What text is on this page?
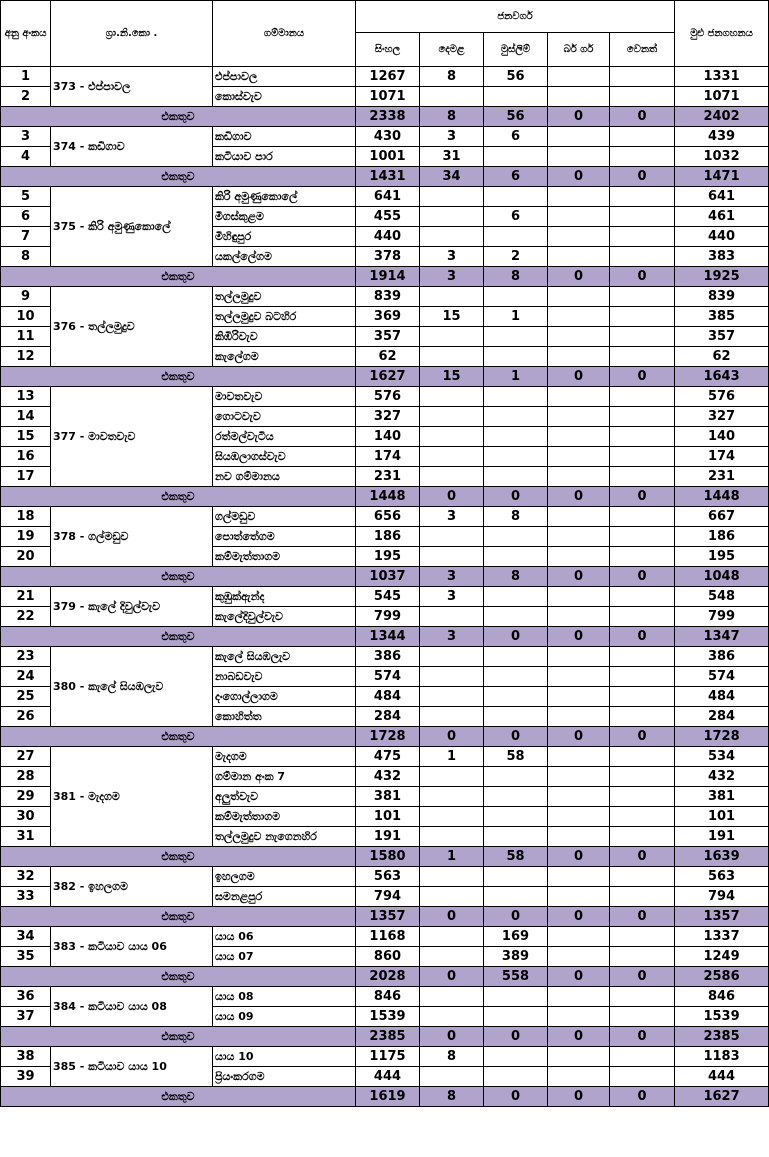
අනු අංකය	ග්‍රා.නි.කො .	ගම්මානය	ජනවර්ග					මුළු ජනගහනය
			සිංහල	දෙමළ	මුස්ලිම්	බර් ගර්	වෙනත්	
1	373 - එප්පාවල	එප්පාවල	1267	8	56			1331
2		කොස්වැව	1071					1071
එකතුව			2338	8	56	0	0	2402
3	374 - කඩිගාව	කඩිගාව	430	3	6			439
4		කටියාව පාර	1001	31				1032
එකතුව			1431	34	6	0	0	1471
5	375 - කිරි අමුණුකොලේ	කිරි අමුණුකොලේ	641					641
6		මීගස්කුළම	455		6			461
7		මිහිඳුපුර	440					440
8		යකල්ලේගම	378	3	2			383
එකතුව			1914	3	8	0	0	1925
9	376 - තල්ලමුදුව	තල්ලමුදුව	839					839
10		තල්ලමුදුව බටහිර	369	15	1			385
11		කිඹිරිවැව	357					357
12		කැලේගම	62					62
එකතුව			1627	15	1	0	0	1643
13	377 - මාවතවැව	මාවතවැව	576					576
14		ගොටවැව	327					327
15		රත්මල්වැටිය	140					140
16		සියඹලාගස්වැව	174					174
17		නව ගම්මානය	231					231
එකතුව			1448	0	0	0	0	1448
18	378 - ගල්මඩුව	ගල්මඩුව	656	3	8			667
19		පොත්තේගම	186					186
20		කම්මැත්තාගම	195					195
එකතුව			1037	3	8	0	0	1048
21	379 - කැලේ දිවුල්වැව	කුඹුක්ඇන්ද	545	3				548
22		කැලේදිවුල්වැව	799					799
එකතුව			1344	3	0	0	0	1347
23	380 - කැලේ සියඹලැව	කැලේ සියඹලැව	386					386
24		නාබඩවැව	574					574
25		දංගොල්ලාගම	484					484
26		කොහිත්ත	284					284
එකතුව			1728	0	0	0	0	1728
27	381 - මැදගම	මැදගම	475	1	58			534
28		ගම්මාන අංක 7	432					432
29		අලුත්වැව	381					381
30		කම්මැත්තාගම	101					101
31		තල්ලමුදුව නැගෙනහිර	191					191
එකතුව			1580	1	58	0	0	1639
32	382 - ඉහලගම	ඉහලගම	563					563
33		සමනළපුර	794					794
එකතුව			1357	0	0	0	0	1357
34	383 - කටියාව යාය 06	යාය 06	1168		169			1337
35		යාය 07	860		389			1249
එකතුව			2028	0	558	0	0	2586
36	384 - කටියාව යාය 08	යාය 08	846					846
37		යාය 09	1539					1539
එකතුව			2385	0	0	0	0	2385
38	385 - කටියාව යාය 10	යාය 10	1175	8				1183
39		ප්‍රියංකරගම	444					444
එකතුව			1619	8	0	0	0	1627
